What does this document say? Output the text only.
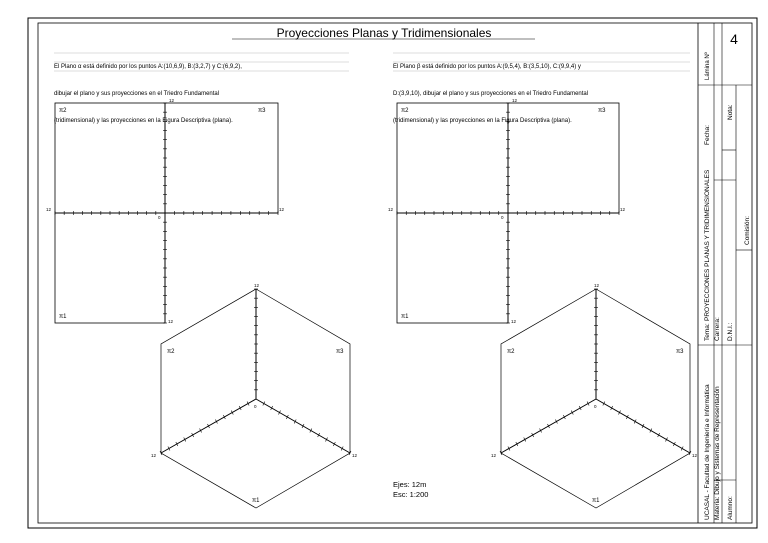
Proyecciones Planas y Tridimensionales
π2	π3
π1
12
12	12
12
0
π2	π3
π1
12
12	12
12
0
π2	π3
π1
12
12	12
0
π2	π3
π1
12
12	12
0
Lámina Nº
4
Fecha:
Nota:
Tema:
PROYECCIONES PLANAS Y TRIDIMENSIONALES
Carrera:
Comisión:
D.N.I.:
UCASAL - Facultad de Ingeniería e Informática Materia: Dibujo y Sistemas de Representación Alumno:

El Plano α está definido por los puntos A:(10,6,9), B:(3,2,7) y C:(6,9,2),

dibujar el plano y sus proyecciones en el Triedro Fundamental

(tridimensional) y las proyecciones en la Figura Descriptiva (plana).

El Plano β está definido por los puntos A:(9,5,4), B:(3,5,10), C:(9,9,4) y

D:(3,9,10), dibujar el plano y sus proyecciones en el Triedro Fundamental

(tridimensional) y las proyecciones en la Figura Descriptiva (plana).

Ejes: 12m
Esc: 1:200
